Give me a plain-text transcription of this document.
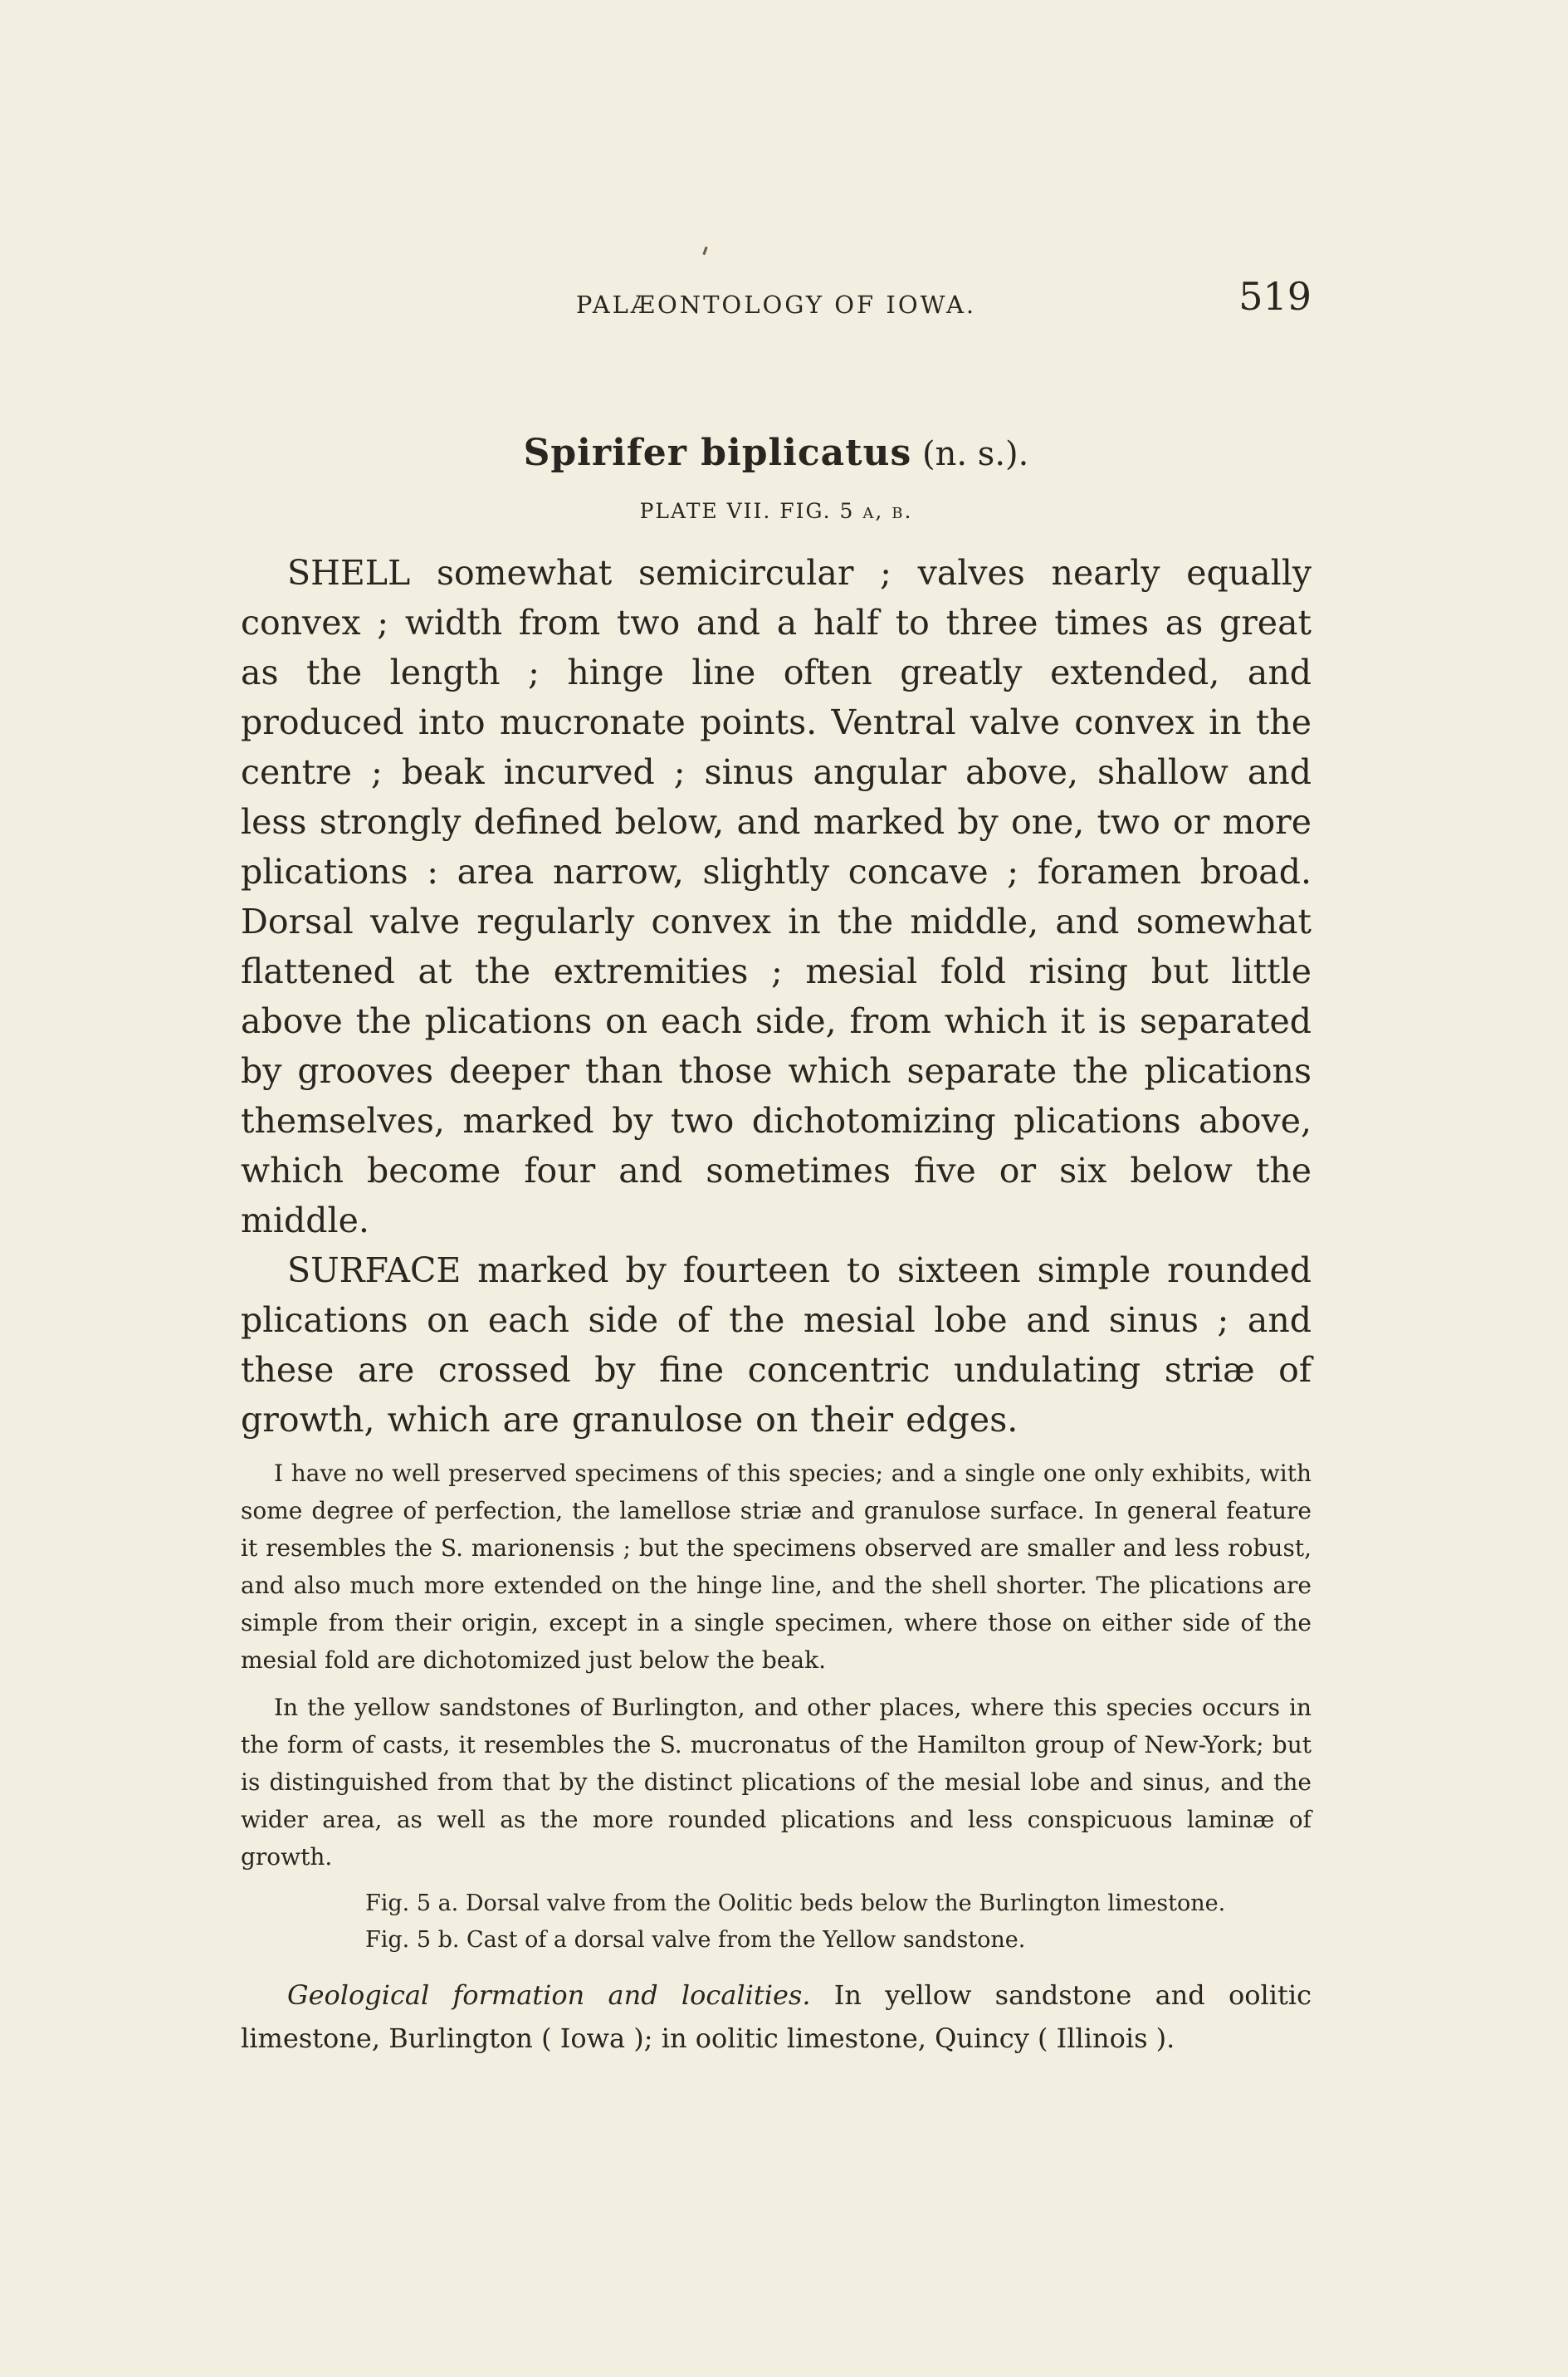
PALÆONTOLOGY OF IOWA.	519
Spirifer biplicatus (n. s.).
PLATE VII. FIG. 5 a, b.

SHELL somewhat semicircular ; valves nearly equally convex ; width from two and a half to three times as great as the length ; hinge line often greatly extended, and produced into mucronate points. Ventral valve convex in the centre ; beak incurved ; sinus angular above, shallow and less strongly defined below, and marked by one, two or more plications : area narrow, slightly concave ; foramen broad. Dorsal valve regularly convex in the middle, and somewhat flattened at the extremities ; mesial fold rising but little above the plications on each side, from which it is separated by grooves deeper than those which separate the plications themselves, marked by two dichotomizing plications above, which become four and sometimes five or six below the middle.

SURFACE marked by fourteen to sixteen simple rounded plications on each side of the mesial lobe and sinus ; and these are crossed by fine concentric undulating striæ of growth, which are granulose on their edges.

I have no well preserved specimens of this species; and a single one only exhibits, with some degree of perfection, the lamellose striæ and granulose surface. In general feature it resembles the S. marionensis ; but the specimens observed are smaller and less robust, and also much more extended on the hinge line, and the shell shorter. The plications are simple from their origin, except in a single specimen, where those on either side of the mesial fold are dichotomized just below the beak.

In the yellow sandstones of Burlington, and other places, where this species occurs in the form of casts, it resembles the S. mucronatus of the Hamilton group of New-York; but is distinguished from that by the distinct plications of the mesial lobe and sinus, and the wider area, as well as the more rounded plications and less conspicuous laminæ of growth.

Fig. 5 a. Dorsal valve from the Oolitic beds below the Burlington limestone.

Fig. 5 b. Cast of a dorsal valve from the Yellow sandstone.

Geological formation and localities. In yellow sandstone and oolitic limestone, Burlington ( Iowa ); in oolitic limestone, Quincy ( Illinois ).
